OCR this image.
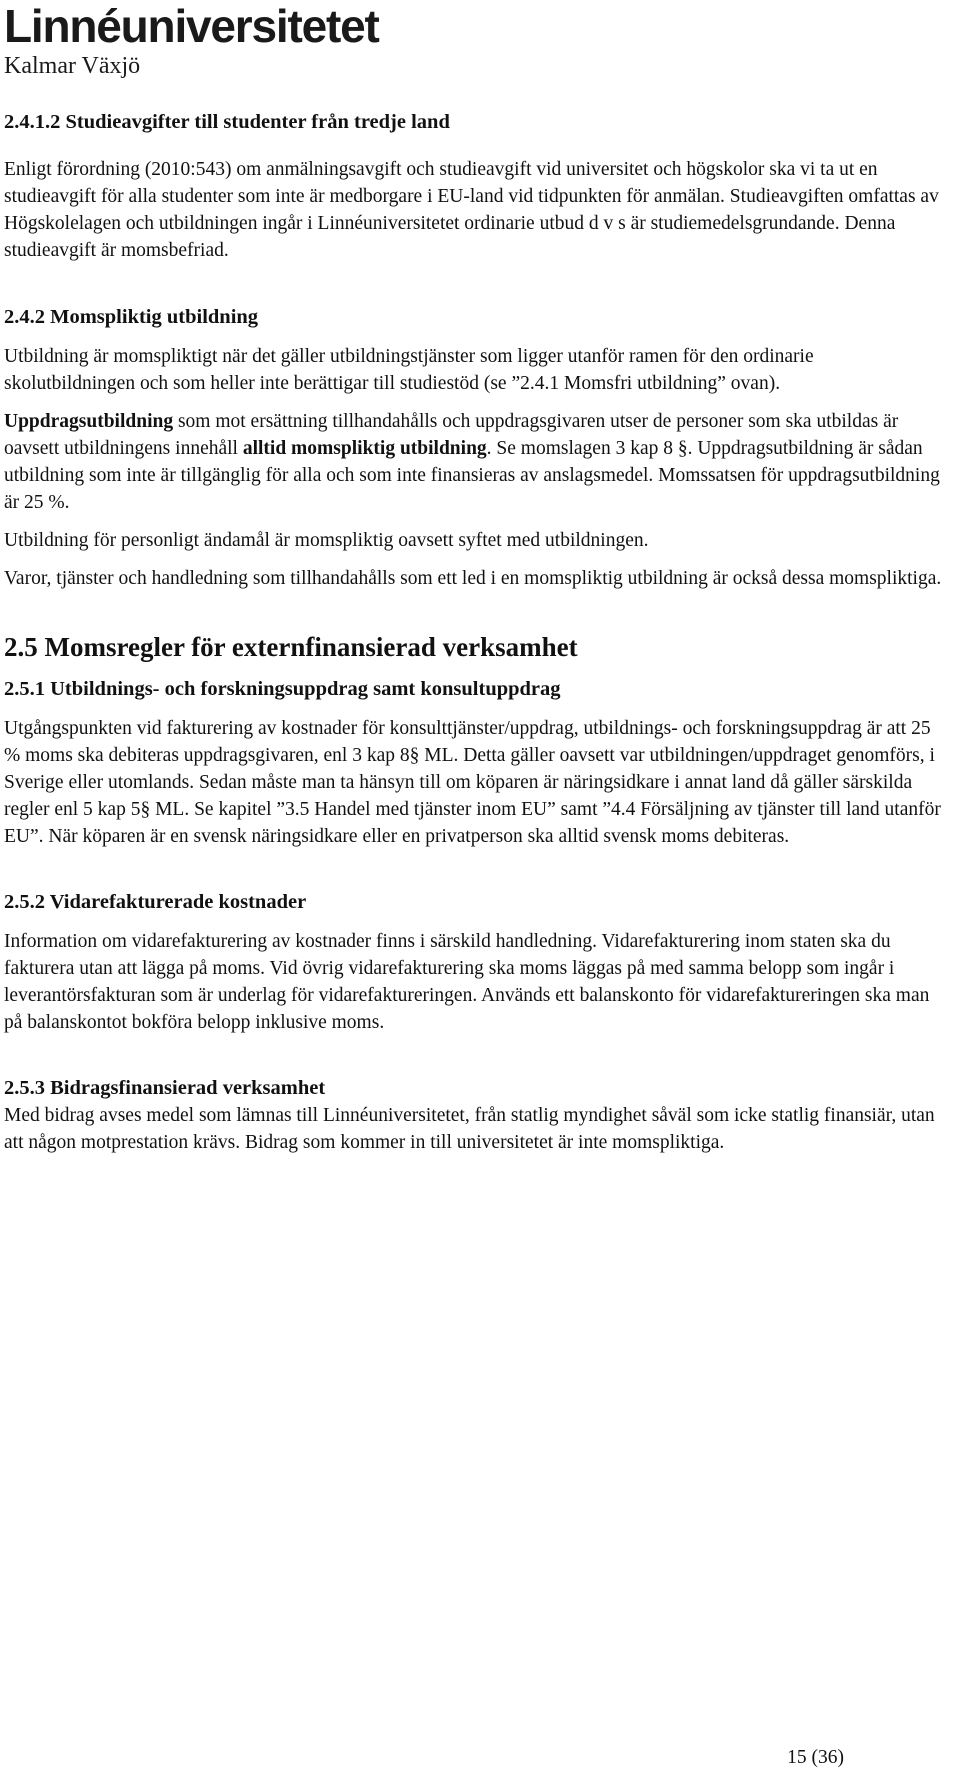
Linnéuniversitetet
Kalmar Växjö
2.4.1.2 Studieavgifter till studenter från tredje land

Enligt förordning (2010:543) om anmälningsavgift och studieavgift vid universitet och högskolor ska vi ta ut en studieavgift för alla studenter som inte är medborgare i EU-land vid tidpunkten för anmälan. Studieavgiften omfattas av Högskolelagen och utbildningen ingår i Linnéuniversitetet ordinarie utbud d v s är studiemedelsgrundande. Denna studieavgift är momsbefriad.

2.4.2 Momspliktig utbildning

Utbildning är momspliktigt när det gäller utbildningstjänster som ligger utanför ramen för den ordinarie skolutbildningen och som heller inte berättigar till studiestöd (se ”2.4.1 Momsfri utbildning” ovan).

Uppdragsutbildning som mot ersättning tillhandahålls och uppdragsgivaren utser de personer som ska utbildas är oavsett utbildningens innehåll alltid momspliktig utbildning. Se momslagen 3 kap 8 §. Uppdragsutbildning är sådan utbildning som inte är tillgänglig för alla och som inte finansieras av anslagsmedel. Momssatsen för uppdragsutbildning är 25 %.

Utbildning för personligt ändamål är momspliktig oavsett syftet med utbildningen.

Varor, tjänster och handledning som tillhandahålls som ett led i en momspliktig utbildning är också dessa momspliktiga.

2.5 Momsregler för externfinansierad verksamhet
2.5.1 Utbildnings- och forskningsuppdrag samt konsultuppdrag

Utgångspunkten vid fakturering av kostnader för konsulttjänster/uppdrag, utbildnings- och forskningsuppdrag är att 25 % moms ska debiteras uppdragsgivaren, enl 3 kap 8§ ML. Detta gäller oavsett var utbildningen/uppdraget genomförs, i Sverige eller utomlands. Sedan måste man ta hänsyn till om köparen är näringsidkare i annat land då gäller särskilda regler enl 5 kap 5§ ML. Se kapitel ”3.5 Handel med tjänster inom EU” samt ”4.4 Försäljning av tjänster till land utanför EU”. När köparen är en svensk näringsidkare eller en privatperson ska alltid svensk moms debiteras.

2.5.2 Vidarefakturerade kostnader

Information om vidarefakturering av kostnader finns i särskild handledning. Vidarefakturering inom staten ska du fakturera utan att lägga på moms. Vid övrig vidarefakturering ska moms läggas på med samma belopp som ingår i leverantörsfakturan som är underlag för vidarefaktureringen. Används ett balanskonto för vidarefaktureringen ska man på balanskontot bokföra belopp inklusive moms.

2.5.3 Bidragsfinansierad verksamhet

Med bidrag avses medel som lämnas till Linnéuniversitetet, från statlig myndighet såväl som icke statlig finansiär, utan att någon motprestation krävs. Bidrag som kommer in till universitetet är inte momspliktiga.

15 (36)
